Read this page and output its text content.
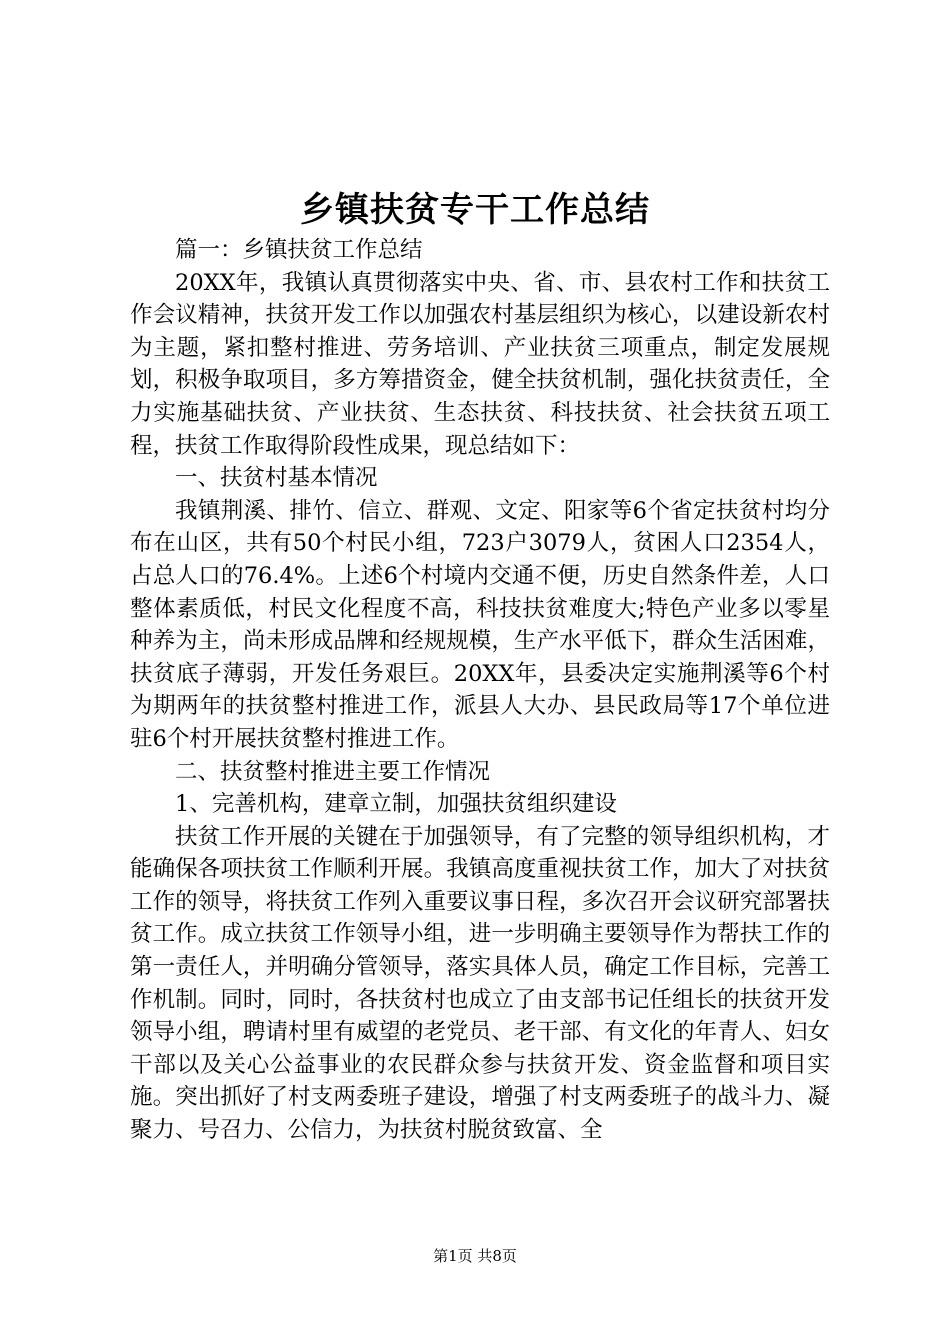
乡镇扶贫专干工作总结

篇一：乡镇扶贫工作总结

20XX年，我镇认真贯彻落实中央、省、市、县农村工作和扶贫工作会议精神，扶贫开发工作以加强农村基层组织为核心，以建设新农村为主题，紧扣整村推进、劳务培训、产业扶贫三项重点，制定发展规划，积极争取项目，多方筹措资金，健全扶贫机制，强化扶贫责任，全力实施基础扶贫、产业扶贫、生态扶贫、科技扶贫、社会扶贫五项工程，扶贫工作取得阶段性成果，现总结如下：

一、扶贫村基本情况

我镇荆溪、排竹、信立、群观、文定、阳家等6个省定扶贫村均分布在山区，共有50个村民小组，723户3079人，贫困人口2354人，占总人口的76.4%。上述6个村境内交通不便，历史自然条件差，人口整体素质低，村民文化程度不高，科技扶贫难度大;特色产业多以零星种养为主，尚未形成品牌和经规规模，生产水平低下，群众生活困难，扶贫底子薄弱，开发任务艰巨。20XX年，县委决定实施荆溪等6个村为期两年的扶贫整村推进工作，派县人大办、县民政局等17个单位进驻6个村开展扶贫整村推进工作。

二、扶贫整村推进主要工作情况

1、完善机构，建章立制，加强扶贫组织建设

扶贫工作开展的关键在于加强领导，有了完整的领导组织机构，才能确保各项扶贫工作顺利开展。我镇高度重视扶贫工作，加大了对扶贫工作的领导，将扶贫工作列入重要议事日程，多次召开会议研究部署扶贫工作。成立扶贫工作领导小组，进一步明确主要领导作为帮扶工作的第一责任人，并明确分管领导，落实具体人员，确定工作目标，完善工作机制。同时，同时，各扶贫村也成立了由支部书记任组长的扶贫开发领导小组，聘请村里有威望的老党员、老干部、有文化的年青人、妇女干部以及关心公益事业的农民群众参与扶贫开发、资金监督和项目实施。突出抓好了村支两委班子建设，增强了村支两委班子的战斗力、凝聚力、号召力、公信力，为扶贫村脱贫致富、全

第1页 共8页
